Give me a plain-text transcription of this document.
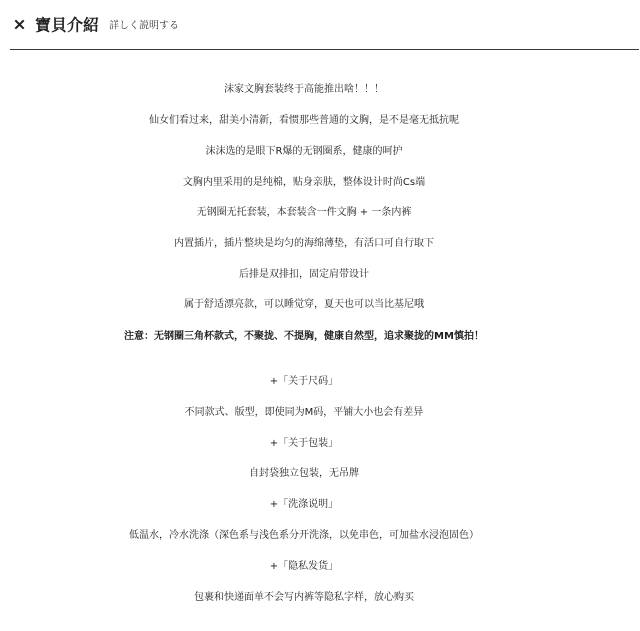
寶貝介紹 詳しく説明する
沫家文胸套装终于高能推出啥！！！
仙女们看过来，甜美小清新，看惯那些普通的文胸，是不是毫无抵抗呢
沫沫选的是眼下R爆的无钢圈系，健康的呵护
文胸内里采用的是纯棉，贴身亲肤，整体设计时尚Cs端
无钢圈无托套装，本套装含一件文胸 + 一条内裤
内置插片，插片整块是均匀的海绵薄垫，有活口可自行取下
后排是双排扣，固定肩带设计
属于舒适漂亮款，可以睡觉穿，夏天也可以当比基尼哦
注意：无钢圈三角杯款式，不聚拢、不提胸，健康自然型，追求聚拢的MM慎拍！
+「关于尺码」
不同款式、版型，即使同为M码，平铺大小也会有差异
+「关于包装」
自封袋独立包装，无吊牌
+「洗涤说明」
低温水，冷水洗涤（深色系与浅色系分开洗涤，以免串色，可加盐水浸泡固色）
+「隐私发货」
包裹和快递面单不会写内裤等隐私字样，放心购买
